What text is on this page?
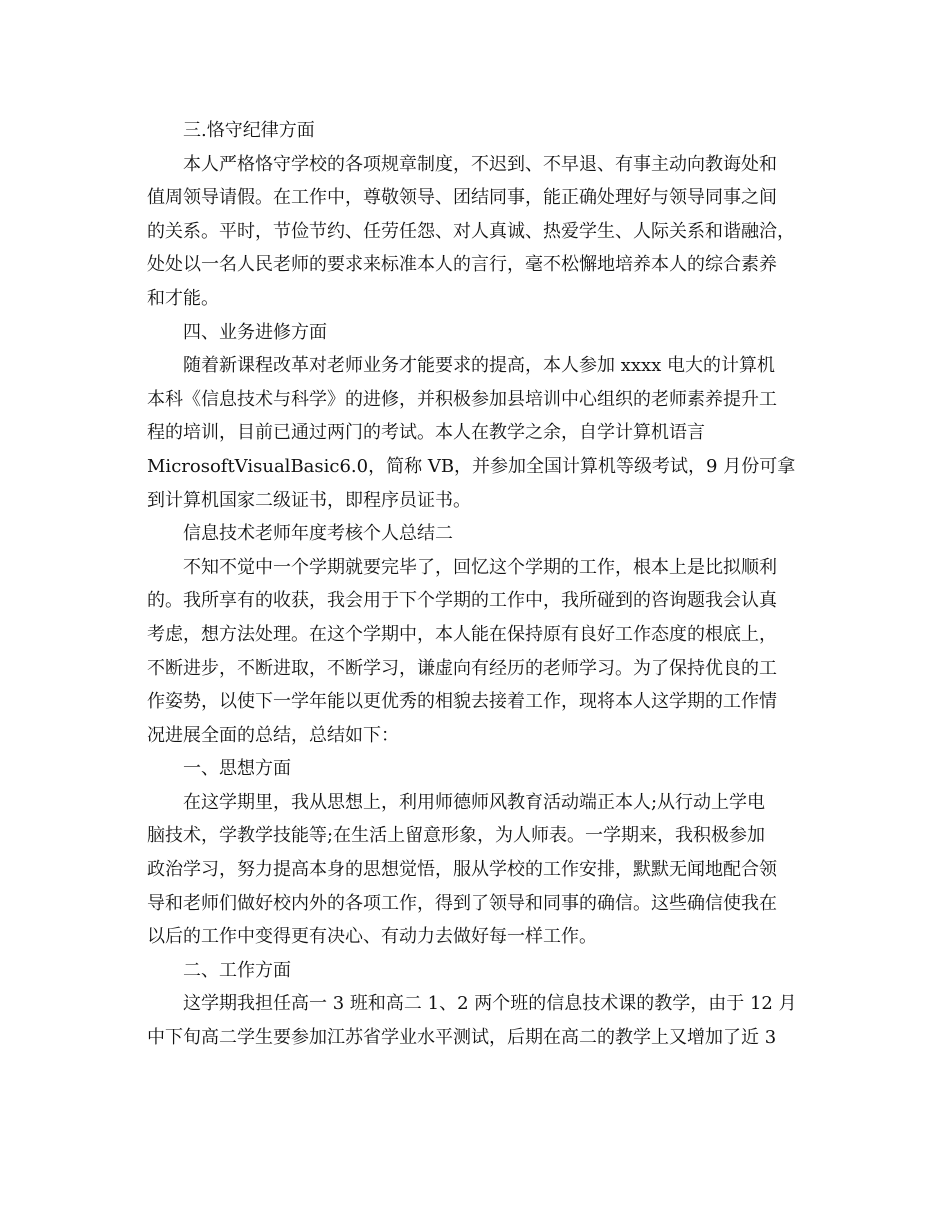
三.恪守纪律方面
本人严格恪守学校的各项规章制度，不迟到、不早退、有事主动向教诲处和
值周领导请假。在工作中，尊敬领导、团结同事，能正确处理好与领导同事之间
的关系。平时，节俭节约、任劳任怨、对人真诚、热爱学生、人际关系和谐融洽，
处处以一名人民老师的要求来标准本人的言行，毫不松懈地培养本人的综合素养
和才能。
四、业务进修方面
随着新课程改革对老师业务才能要求的提高，本人参加 xxxx 电大的计算机
本科《信息技术与科学》的进修，并积极参加县培训中心组织的老师素养提升工
程的培训，目前已通过两门的考试。本人在教学之余，自学计算机语言
MicrosoftVisualBasic6.0，简称 VB，并参加全国计算机等级考试，9 月份可拿
到计算机国家二级证书，即程序员证书。
信息技术老师年度考核个人总结二
不知不觉中一个学期就要完毕了，回忆这个学期的工作，根本上是比拟顺利
的。我所享有的收获，我会用于下个学期的工作中，我所碰到的咨询题我会认真
考虑，想方法处理。在这个学期中，本人能在保持原有良好工作态度的根底上，
不断进步，不断进取，不断学习，谦虚向有经历的老师学习。为了保持优良的工
作姿势，以使下一学年能以更优秀的相貌去接着工作，现将本人这学期的工作情
况进展全面的总结，总结如下：
一、思想方面
在这学期里，我从思想上，利用师德师风教育活动端正本人;从行动上学电
脑技术，学教学技能等;在生活上留意形象，为人师表。一学期来，我积极参加
政治学习，努力提高本身的思想觉悟，服从学校的工作安排，默默无闻地配合领
导和老师们做好校内外的各项工作，得到了领导和同事的确信。这些确信使我在
以后的工作中变得更有决心、有动力去做好每一样工作。
二、工作方面
这学期我担任高一 3 班和高二 1、2 两个班的信息技术课的教学，由于 12 月
中下旬高二学生要参加江苏省学业水平测试，后期在高二的教学上又增加了近 3
